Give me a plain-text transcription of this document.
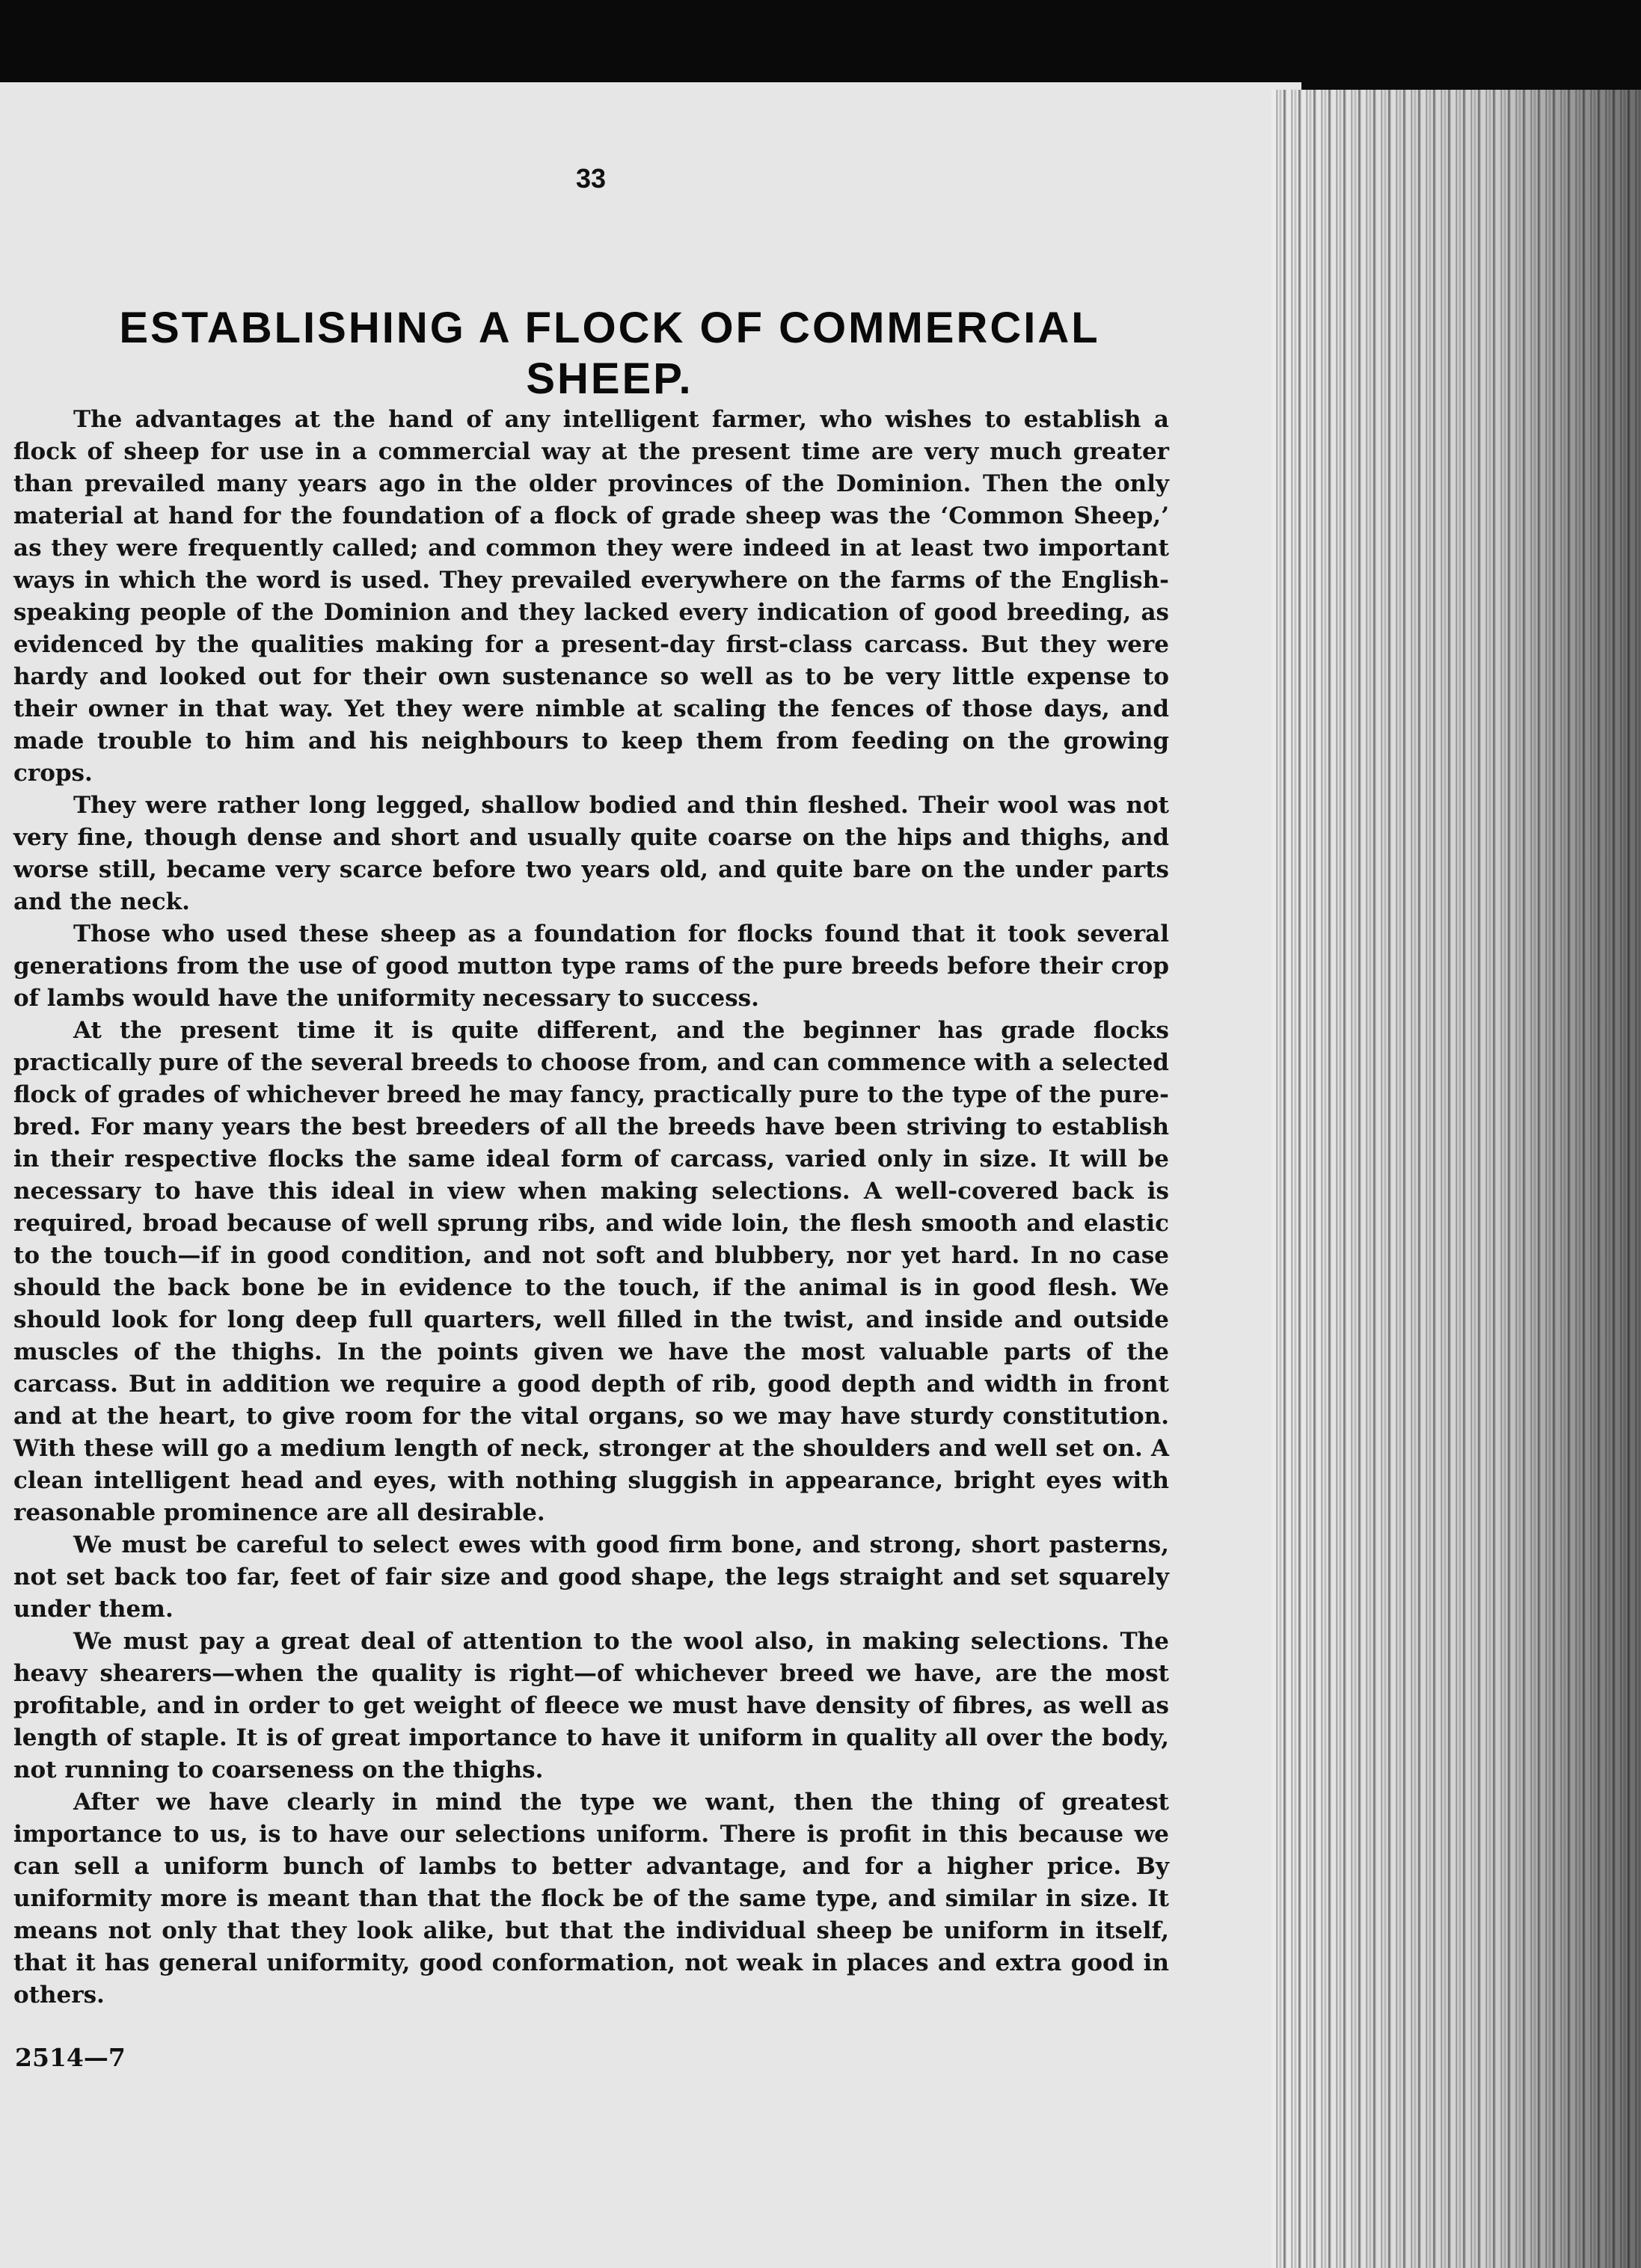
33
ESTABLISHING A FLOCK OF COMMERCIAL SHEEP.

The advantages at the hand of any intelligent farmer, who wishes to establish a flock of sheep for use in a commercial way at the present time are very much greater than prevailed many years ago in the older provinces of the Dominion. Then the only material at hand for the foundation of a flock of grade sheep was the ‘Common Sheep,’ as they were frequently called; and common they were indeed in at least two important ways in which the word is used. They prevailed everywhere on the farms of the English-speaking people of the Dominion and they lacked every indication of good breeding, as evidenced by the qualities making for a present-day first-class carcass. But they were hardy and looked out for their own sustenance so well as to be very little expense to their owner in that way. Yet they were nimble at scaling the fences of those days, and made trouble to him and his neighbours to keep them from feeding on the growing crops.

They were rather long legged, shallow bodied and thin fleshed. Their wool was not very fine, though dense and short and usually quite coarse on the hips and thighs, and worse still, became very scarce before two years old, and quite bare on the under parts and the neck.

Those who used these sheep as a foundation for flocks found that it took several generations from the use of good mutton type rams of the pure breeds before their crop of lambs would have the uniformity necessary to success.

At the present time it is quite different, and the beginner has grade flocks practically pure of the several breeds to choose from, and can commence with a selected flock of grades of whichever breed he may fancy, practically pure to the type of the pure-bred. For many years the best breeders of all the breeds have been striving to establish in their respective flocks the same ideal form of carcass, varied only in size. It will be necessary to have this ideal in view when making selections. A well-covered back is required, broad because of well sprung ribs, and wide loin, the flesh smooth and elastic to the touch—if in good condition, and not soft and blubbery, nor yet hard. In no case should the back bone be in evidence to the touch, if the animal is in good flesh. We should look for long deep full quarters, well filled in the twist, and inside and outside muscles of the thighs. In the points given we have the most valuable parts of the carcass. But in addition we require a good depth of rib, good depth and width in front and at the heart, to give room for the vital organs, so we may have sturdy constitution. With these will go a medium length of neck, stronger at the shoulders and well set on. A clean intelligent head and eyes, with nothing sluggish in appearance, bright eyes with reasonable prominence are all desirable.

We must be careful to select ewes with good firm bone, and strong, short pasterns, not set back too far, feet of fair size and good shape, the legs straight and set squarely under them.

We must pay a great deal of attention to the wool also, in making selections. The heavy shearers—when the quality is right—of whichever breed we have, are the most profitable, and in order to get weight of fleece we must have density of fibres, as well as length of staple. It is of great importance to have it uniform in quality all over the body, not running to coarseness on the thighs.

After we have clearly in mind the type we want, then the thing of greatest importance to us, is to have our selections uniform. There is profit in this because we can sell a uniform bunch of lambs to better advantage, and for a higher price. By uniformity more is meant than that the flock be of the same type, and similar in size. It means not only that they look alike, but that the individual sheep be uniform in itself, that it has general uniformity, good conformation, not weak in places and extra good in others.

2514—7
